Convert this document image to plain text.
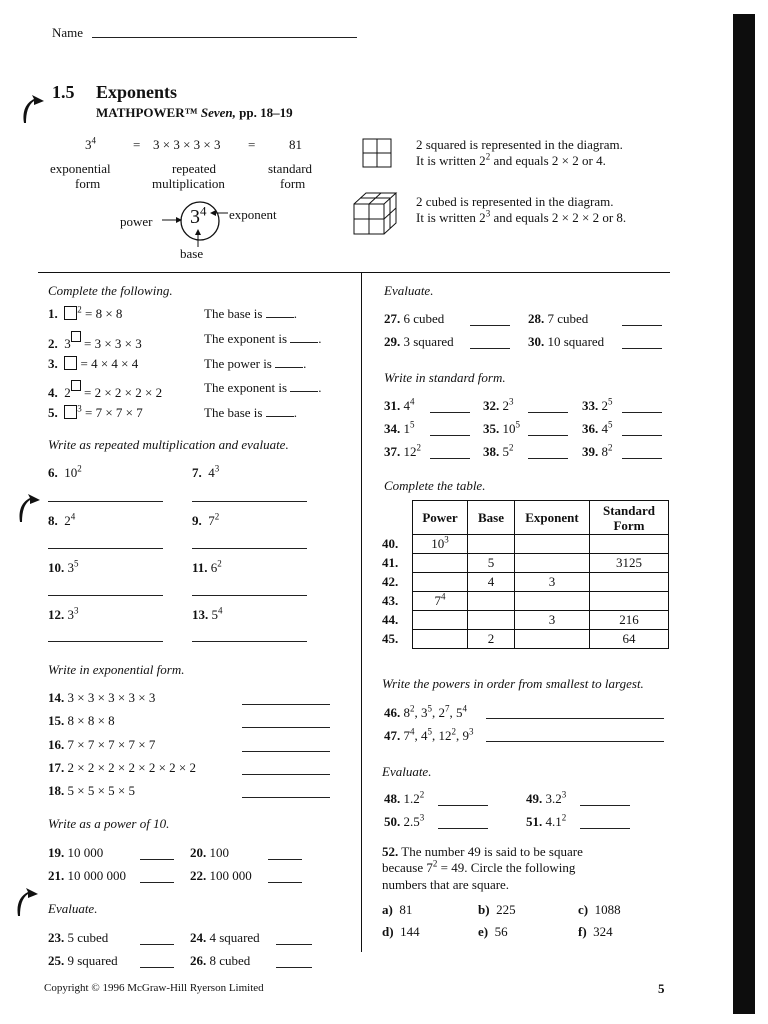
Name
1.5 Exponents
MATHPOWER™ Seven, pp. 18–19
$3^4$	= 3 × 3 × 3 × 3 =	81
exponential
form
repeated
multiplication
standard
form
power $3^4$ exponent
base
2 squared is represented in the diagram.
It is written $2^2$ and equals 2 × 2 or 4.
2 cubed is represented in the diagram.
It is written $2^3$ and equals 2 × 2 × 2 or 8.
Complete the following.
1. $^2$ = 8 × 8	The base is .
2. 3 = 3 × 3 × 3	The exponent is .
3.   = 4 × 4 × 4	The power is .
4. 2 = 2 × 2 × 2 × 2	The exponent is .
5. $^3$ = 7 × 7 × 7	The base is .
Write as repeated multiplication and evaluate.
6. $10^2$	7. $4^3$
8. $2^4$	9. $7^2$
10. $3^5$	11. $6^2$
12. $3^3$	13. $5^4$
Write in exponential form.
14. 3 × 3 × 3 × 3 × 3
15. 8 × 8 × 8
16. 7 × 7 × 7 × 7 × 7
17. 2 × 2 × 2 × 2 × 2 × 2 × 2
18. 5 × 5 × 5 × 5
Write as a power of 10.
19. 10 000	20. 100
21. 10 000 000	22. 100 000
Evaluate.
23. 5 cubed	24. 4 squared
25. 9 squared	26. 8 cubed
Evaluate.
27. 6 cubed	28. 7 cubed
29. 3 squared	30. 10 squared
Write in standard form.
31. $4^4$	32. $2^3$	33. $2^5$
34. $1^5$	35. $10^5$	36. $4^5$
37. $12^2$	38. $5^2$	39. $8^2$
Complete the table.
	Power	Base	Exponent	Standard
Form
40.	$10^3$			
41.		5		3125
42.		4	3	
43.	$7^4$			
44.			3	216
45.		2		64
Write the powers in order from smallest to largest.
46. $8^2$, $3^5$, $2^7$, $5^4$
47. $7^4$, $4^5$, $12^2$, $9^3$
Evaluate.
48. $1.2^2$	49. $3.2^3$
50. $2.5^3$	51. $4.1^2$
52. The number 49 is said to be square
because $7^2 = 49$. Circle the following
numbers that are square.
a) 81	b) 225	c) 1088
d) 144	e) 56	f) 324
Copyright © 1996 McGraw-Hill Ryerson Limited	5
